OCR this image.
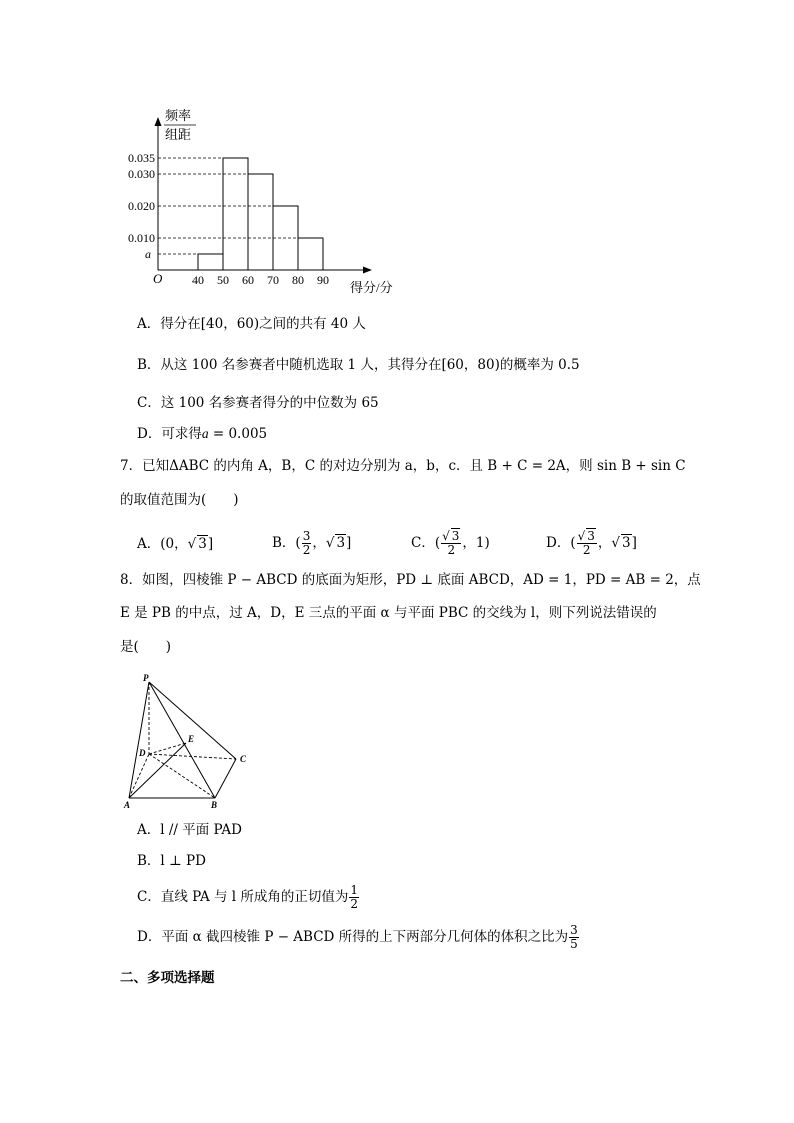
频率
组距
a
0.035
0.030
0.020
0.010
40 50 60 70 80 90
O
得分/分
A．得分在[40，60)之间的共有 40 人
B．从这 100 名参赛者中随机选取 1 人，其得分在[60，80)的概率为 0.5
C．这 100 名参赛者得分的中位数为 65
D．可求得a = 0.005
7．已知ΔABC 的内角 A，B，C 的对边分别为 a，b，c．且 B + C = 2A，则 sin B + sin C
的取值范围为(　　)
A．(0，√ 3]	B．( $\frac{3}{2}$ ，√ 3]	C．( $\frac{√ 3}{2}$ ，1)	D．( $\frac{√ 3}{2}$ ，√ 3]
8．如图，四棱锥 P − ABCD 的底面为矩形，PD ⊥ 底面 ABCD，AD = 1，PD = AB = 2，点
E 是 PB 的中点，过 A，D，E 三点的平面 α 与平面 PBC 的交线为 l，则下列说法错误的
是(　　)
P
D
E
C
A	B
A．l // 平面 PAD
B．l ⊥ PD
C．直线 PA 与 l 所成角的正切值为 $\frac{1}{2}$
D．平面 α 截四棱锥 P − ABCD 所得的上下两部分几何体的体积之比为 $\frac{3}{5}$
二、多项选择题
